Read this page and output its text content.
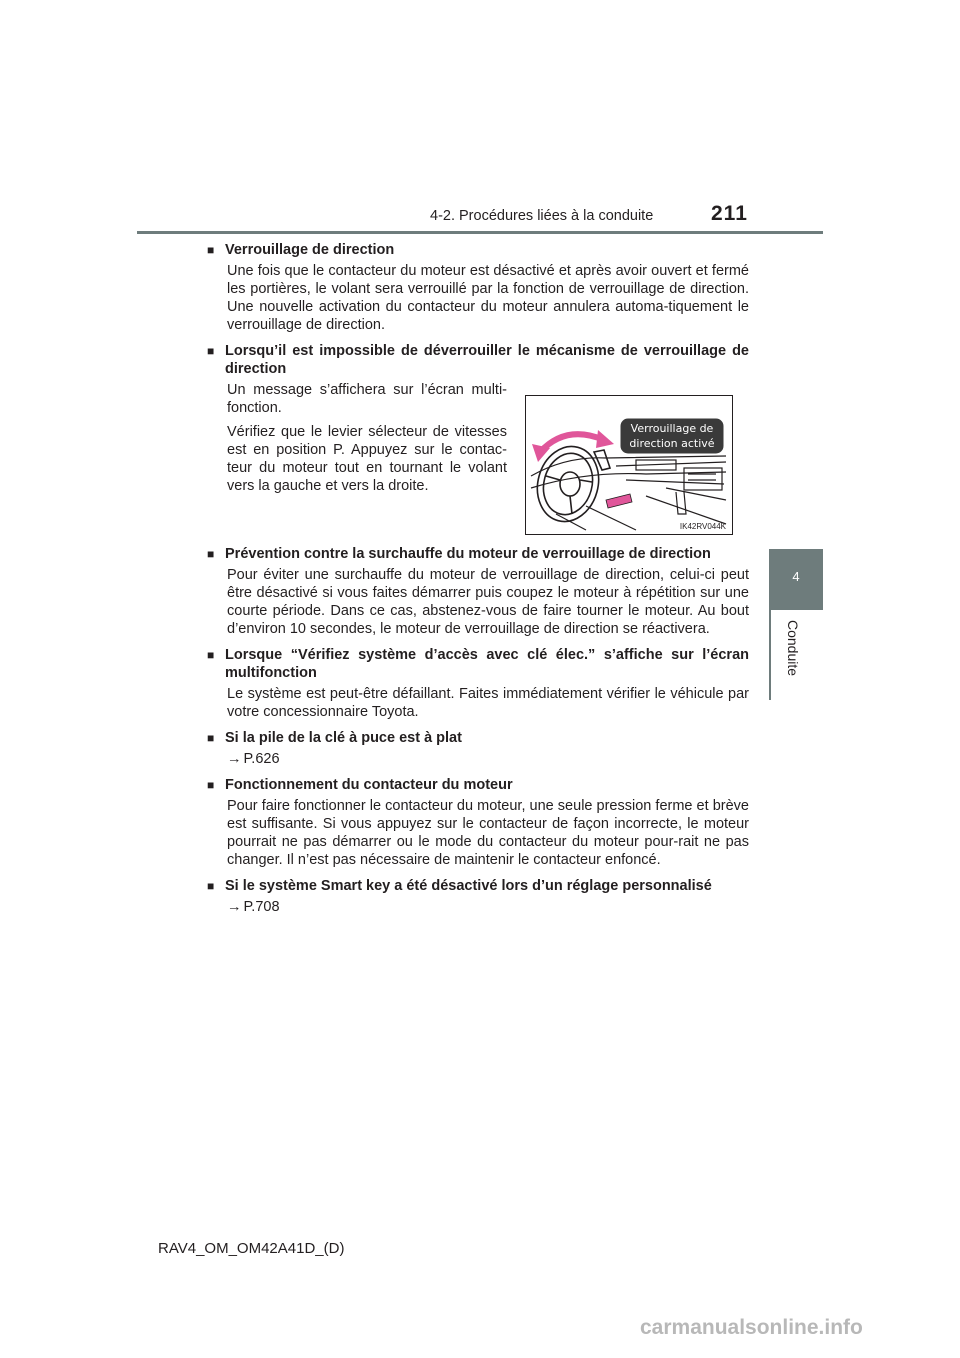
4-2. Procédures liées à la conduite	211
4
Conduite
■ Verrouillage de direction

Une fois que le contacteur du moteur est désactivé et après avoir ouvert et fermé les portières, le volant sera verrouillé par la fonction de verrouillage de direction. Une nouvelle activation du contacteur du moteur annulera automa-tiquement le verrouillage de direction.

■ Lorsqu’il est impossible de déverrouiller le mécanisme de verrouillage de direction

Un message s’affichera sur l’écran multi-fonction.

Vérifiez que le levier sélecteur de vitesses est en position P. Appuyez sur le contac-teur du moteur tout en tournant le volant vers la gauche et vers la droite.

Verrouillage de
direction activé
IK42RV044K
■ Prévention contre la surchauffe du moteur de verrouillage de direction

Pour éviter une surchauffe du moteur de verrouillage de direction, celui-ci peut être désactivé si vous faites démarrer puis coupez le moteur à répétition sur une courte période. Dans ce cas, abstenez-vous de faire tourner le moteur. Au bout d’environ 10 secondes, le moteur de verrouillage de direction se réactivera.

■ Lorsque “Vérifiez système d’accès avec clé élec.” s’affiche sur l’écran multifonction

Le système est peut-être défaillant. Faites immédiatement vérifier le véhicule par votre concessionnaire Toyota.

■ Si la pile de la clé à puce est à plat

→ P.626

■ Fonctionnement du contacteur du moteur

Pour faire fonctionner le contacteur du moteur, une seule pression ferme et brève est suffisante. Si vous appuyez sur le contacteur de façon incorrecte, le moteur pourrait ne pas démarrer ou le mode du contacteur du moteur pour-rait ne pas changer. Il n’est pas nécessaire de maintenir le contacteur enfoncé.

■ Si le système Smart key a été désactivé lors d’un réglage personnalisé

→ P.708

RAV4_OM_OM42A41D_(D)
carmanualsonline.info
